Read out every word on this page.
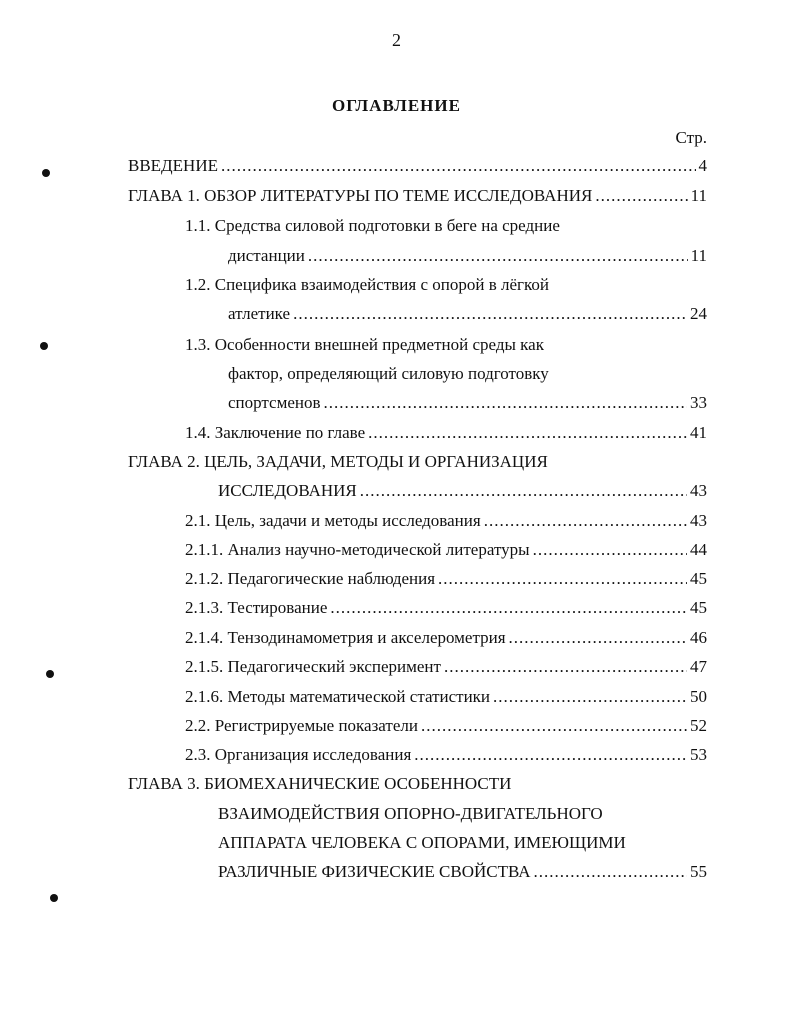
2
ОГЛАВЛЕНИЕ
Стр.
ВВЕДЕНИЕ .....	4
ГЛАВА 1. ОБЗОР ЛИТЕРАТУРЫ ПО ТЕМЕ ИССЛЕДОВАНИЯ .....	11
1.1. Средства силовой подготовки в беге на средние
дистанции .....	11
1.2. Специфика взаимодействия с опорой в лёгкой
атлетике .....	24
1.3. Особенности внешней предметной среды как
фактор, определяющий силовую подготовку
спортсменов .....	33
1.4. Заключение по главе .....	41
ГЛАВА 2. ЦЕЛЬ, ЗАДАЧИ, МЕТОДЫ И ОРГАНИЗАЦИЯ
ИССЛЕДОВАНИЯ .....	43
2.1. Цель, задачи и методы исследования .....	43
2.1.1. Анализ научно-методической литературы .....	44
2.1.2. Педагогические наблюдения .....	45
2.1.3. Тестирование .....	45
2.1.4. Тензодинамометрия и акселерометрия .....	46
2.1.5. Педагогический эксперимент .....	47
2.1.6. Методы математической статистики .....	50
2.2. Регистрируемые показатели .....	52
2.3. Организация исследования .....	53
ГЛАВА 3. БИОМЕХАНИЧЕСКИЕ ОСОБЕННОСТИ
ВЗАИМОДЕЙСТВИЯ ОПОРНО-ДВИГАТЕЛЬНОГО
АППАРАТА ЧЕЛОВЕКА С ОПОРАМИ, ИМЕЮЩИМИ
РАЗЛИЧНЫЕ ФИЗИЧЕСКИЕ СВОЙСТВА .....	55
